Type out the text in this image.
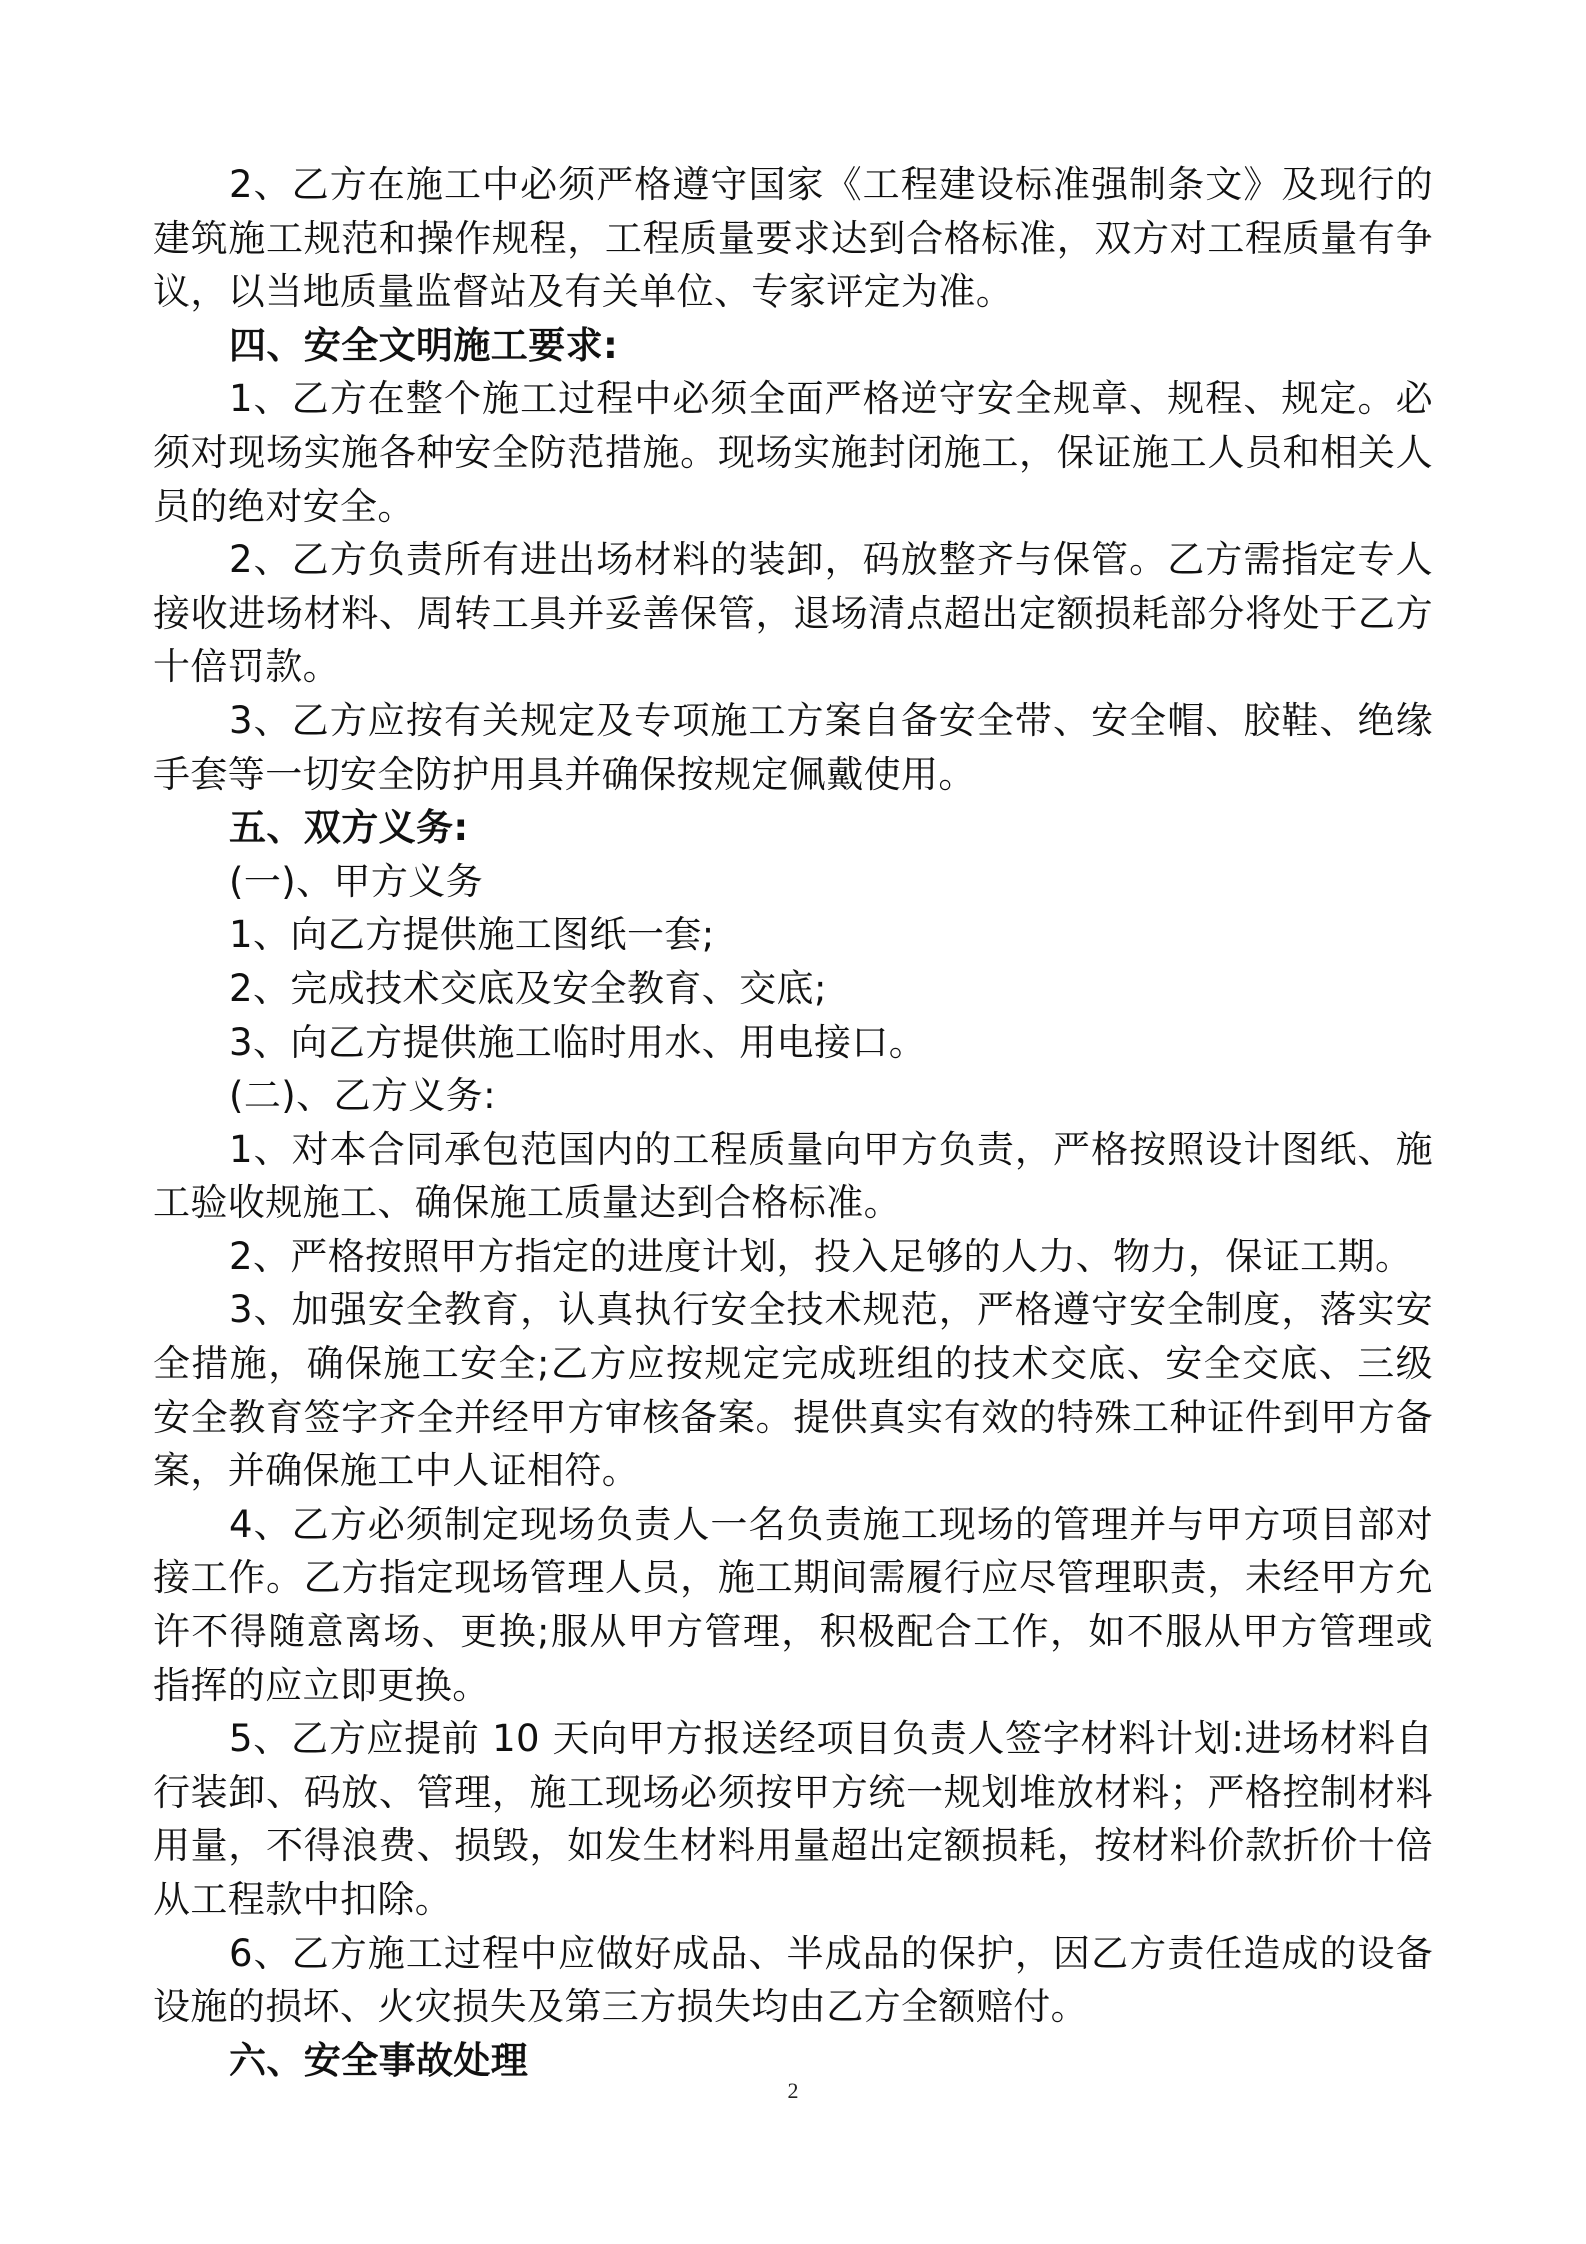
2、乙方在施工中必须严格遵守国家《工程建设标准强制条文》及现行的建筑施工规范和操作规程，工程质量要求达到合格标准，双方对工程质量有争议，以当地质量监督站及有关单位、专家评定为准。

四、安全文明施工要求:

1、乙方在整个施工过程中必须全面严格逆守安全规章、规程、规定。必须对现场实施各种安全防范措施。现场实施封闭施工，保证施工人员和相关人员的绝对安全。

2、乙方负责所有进出场材料的装卸，码放整齐与保管。乙方需指定专人接收进场材料、周转工具并妥善保管，退场清点超出定额损耗部分将处于乙方十倍罚款。

3、乙方应按有关规定及专项施工方案自备安全带、安全帽、胶鞋、绝缘手套等一切安全防护用具并确保按规定佩戴使用。

五、双方义务:

(一)、甲方义务

1、向乙方提供施工图纸一套;

2、完成技术交底及安全教育、交底;

3、向乙方提供施工临时用水、用电接口。

(二)、乙方义务:

1、对本合同承包范国内的工程质量向甲方负责，严格按照设计图纸、施工验收规施工、确保施工质量达到合格标准。

2、严格按照甲方指定的进度计划，投入足够的人力、物力，保证工期。

3、加强安全教育，认真执行安全技术规范，严格遵守安全制度，落实安全措施，确保施工安全;乙方应按规定完成班组的技术交底、安全交底、三级安全教育签字齐全并经甲方审核备案。提供真实有效的特殊工种证件到甲方备案，并确保施工中人证相符。

4、乙方必须制定现场负责人一名负责施工现场的管理并与甲方项目部对接工作。乙方指定现场管理人员，施工期间需履行应尽管理职责，未经甲方允许不得随意离场、更换;服从甲方管理，积极配合工作，如不服从甲方管理或指挥的应立即更换。

5、乙方应提前 10 天向甲方报送经项目负责人签字材料计划:进场材料自行装卸、码放、管理，施工现场必须按甲方统一规划堆放材料；严格控制材料用量，不得浪费、损毁，如发生材料用量超出定额损耗，按材料价款折价十倍从工程款中扣除。

6、乙方施工过程中应做好成品、半成品的保护，因乙方责任造成的设备设施的损坏、火灾损失及第三方损失均由乙方全额赔付。

六、安全事故处理

2
